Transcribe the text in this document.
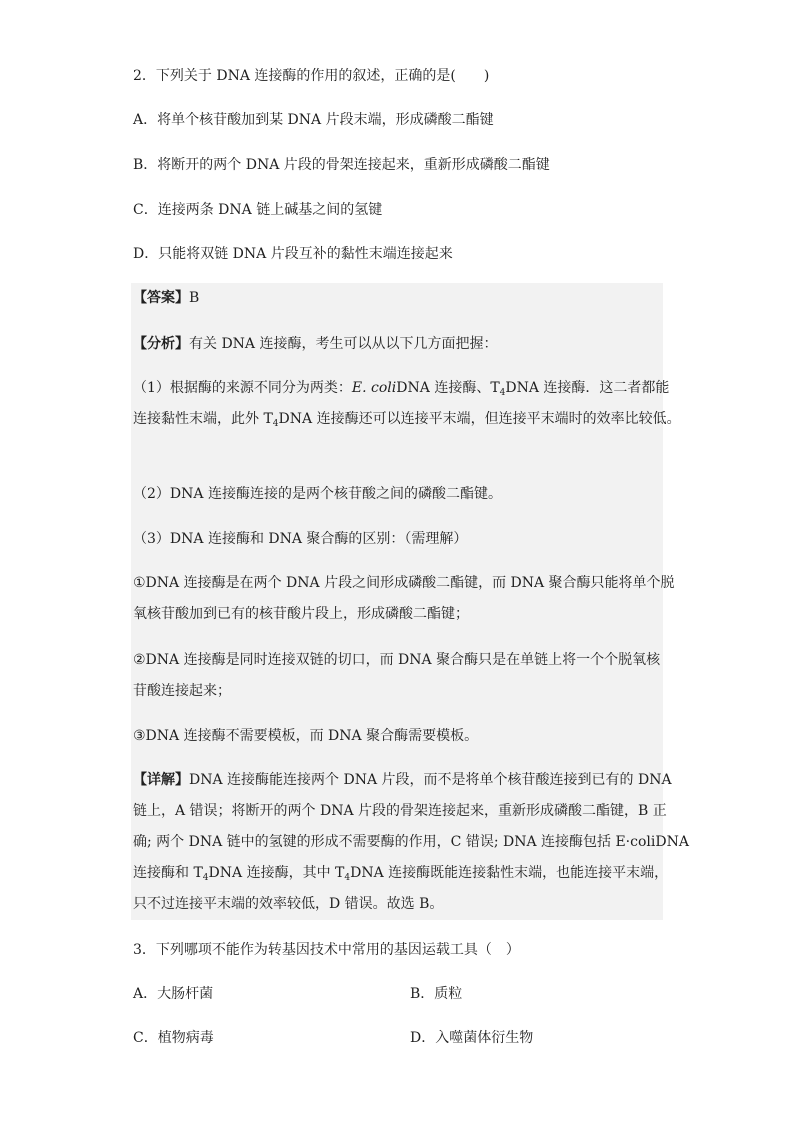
2．下列关于 DNA 连接酶的作用的叙述，正确的是(　　)
A．将单个核苷酸加到某 DNA 片段末端，形成磷酸二酯键
B．将断开的两个 DNA 片段的骨架连接起来，重新形成磷酸二酯键
C．连接两条 DNA 链上碱基之间的氢键
D．只能将双链 DNA 片段互补的黏性末端连接起来
【答案】B
【分析】有关 DNA 连接酶，考生可以从以下几方面把握：
（1）根据酶的来源不同分为两类：E. coliDNA 连接酶、$T_4DNA$ 连接酶．这二者都能
连接黏性末端，此外 $T_4DNA$ 连接酶还可以连接平末端，但连接平末端时的效率比较低。
（2）DNA 连接酶连接的是两个核苷酸之间的磷酸二酯键。
（3）DNA 连接酶和 DNA 聚合酶的区别：（需理解）
①DNA 连接酶是在两个 DNA 片段之间形成磷酸二酯键，而 DNA 聚合酶只能将单个脱
氧核苷酸加到已有的核苷酸片段上，形成磷酸二酯键；
②DNA 连接酶是同时连接双链的切口，而 DNA 聚合酶只是在单链上将一个个脱氧核
苷酸连接起来；
③DNA 连接酶不需要模板，而 DNA 聚合酶需要模板。
【详解】DNA 连接酶能连接两个 DNA 片段，而不是将单个核苷酸连接到已有的 DNA
链上，A 错误；将断开的两个 DNA 片段的骨架连接起来，重新形成磷酸二酯键，B 正
确; 两个 DNA 链中的氢键的形成不需要酶的作用，C 错误; DNA 连接酶包括 E·coliDNA
连接酶和 $T_4DNA$ 连接酶，其中 $T_4DNA$ 连接酶既能连接黏性末端，也能连接平末端，
只不过连接平末端的效率较低，D 错误。故选 B。
3．下列哪项不能作为转基因技术中常用的基因运载工具（　）
A．大肠杆菌	B．质粒
C．植物病毒	D．入噬菌体衍生物
